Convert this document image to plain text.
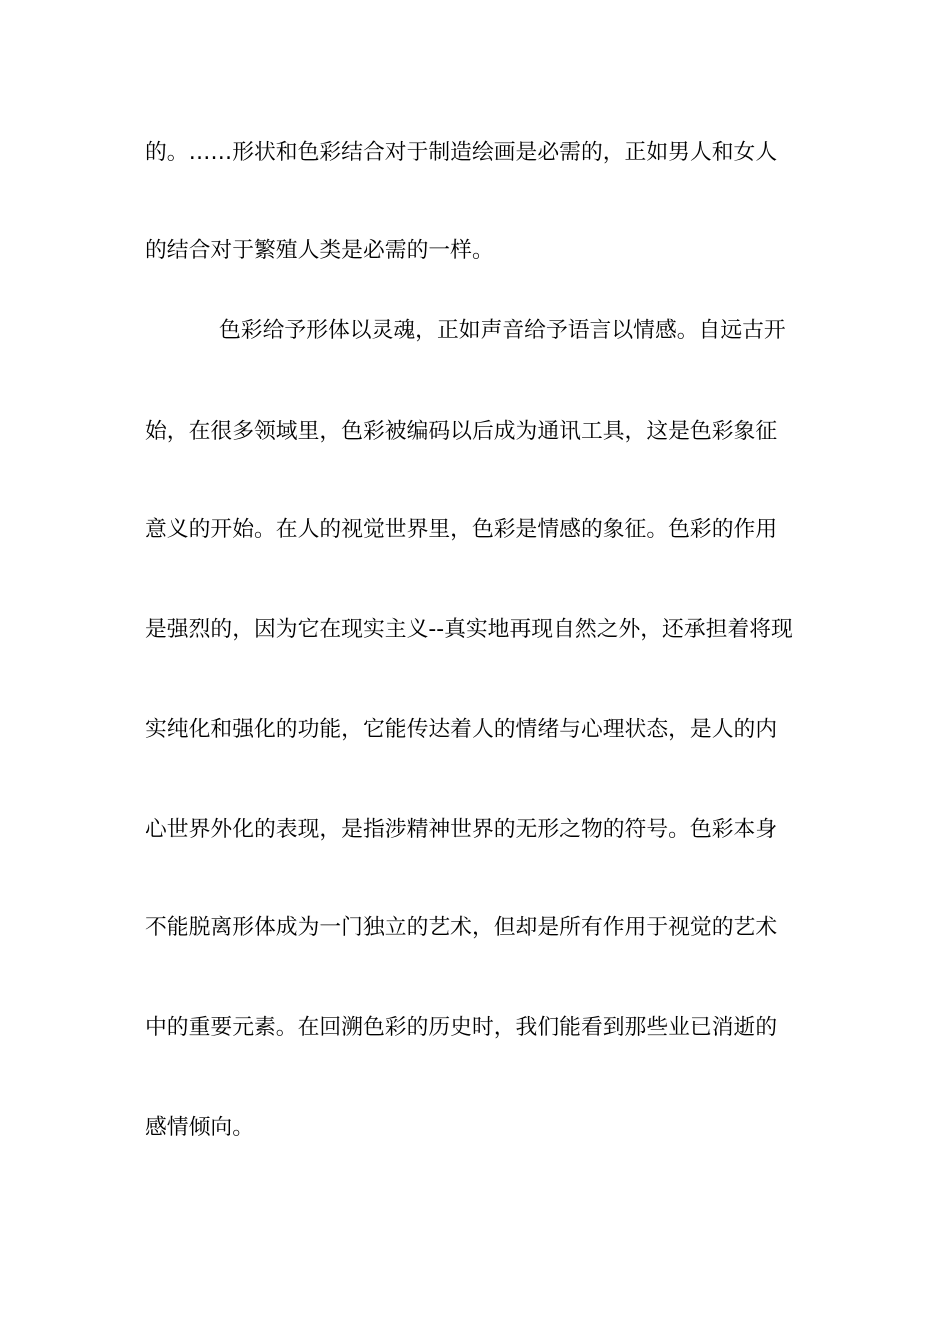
的。……形状和色彩结合对于制造绘画是必需的，正如男人和女人
的结合对于繁殖人类是必需的一样。
色彩给予形体以灵魂，正如声音给予语言以情感。自远古开
始，在很多领域里，色彩被编码以后成为通讯工具，这是色彩象征
意义的开始。在人的视觉世界里，色彩是情感的象征。色彩的作用
是强烈的，因为它在现实主义--真实地再现自然之外，还承担着将现
实纯化和强化的功能，它能传达着人的情绪与心理状态，是人的内
心世界外化的表现，是指涉精神世界的无形之物的符号。色彩本身
不能脱离形体成为一门独立的艺术，但却是所有作用于视觉的艺术
中的重要元素。在回溯色彩的历史时，我们能看到那些业已消逝的
感情倾向。
